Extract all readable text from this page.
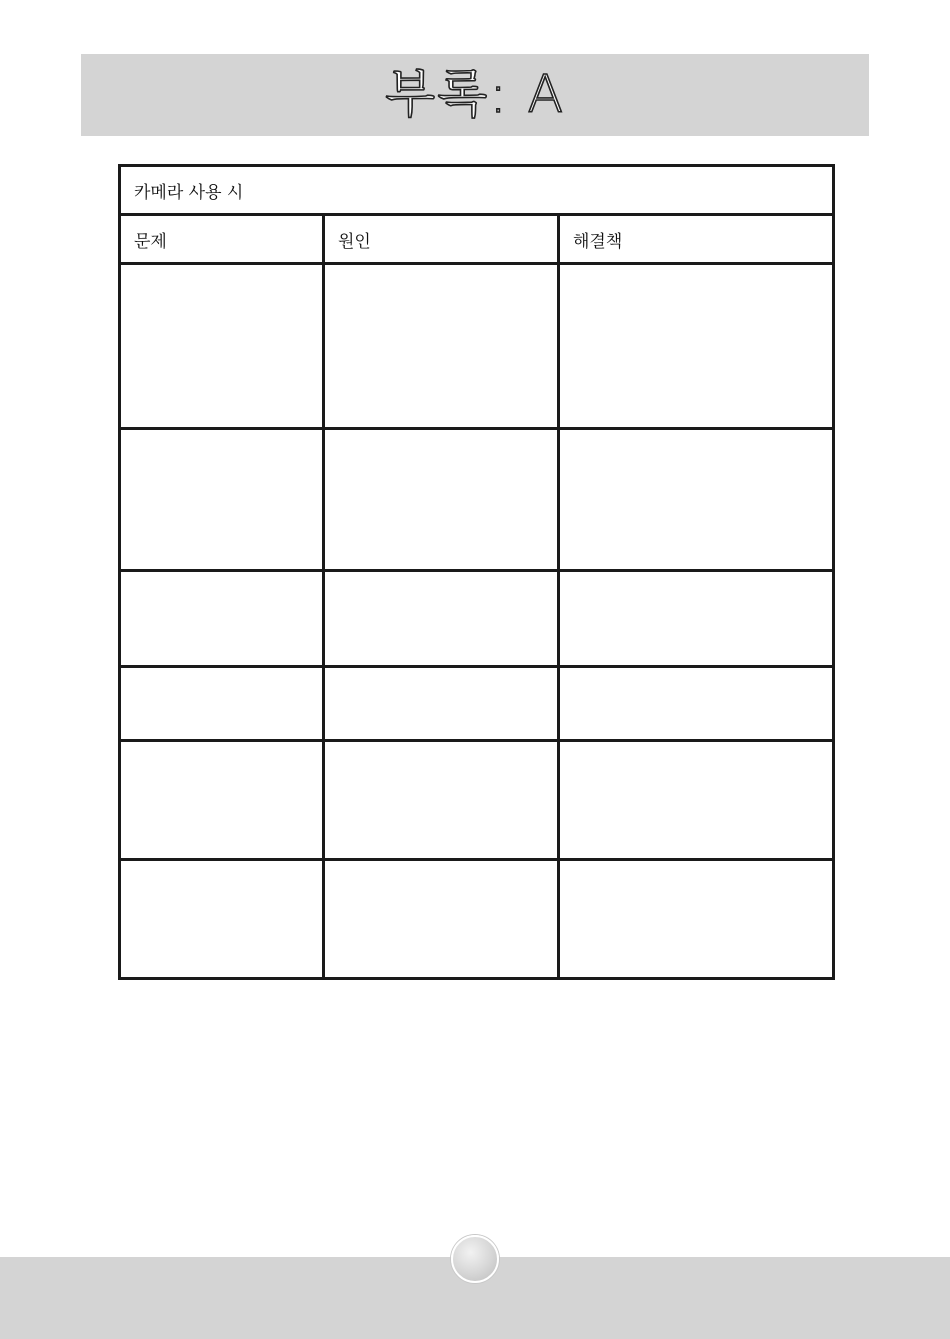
부록: A
카메라 사용 시		
문제	원인	해결책
